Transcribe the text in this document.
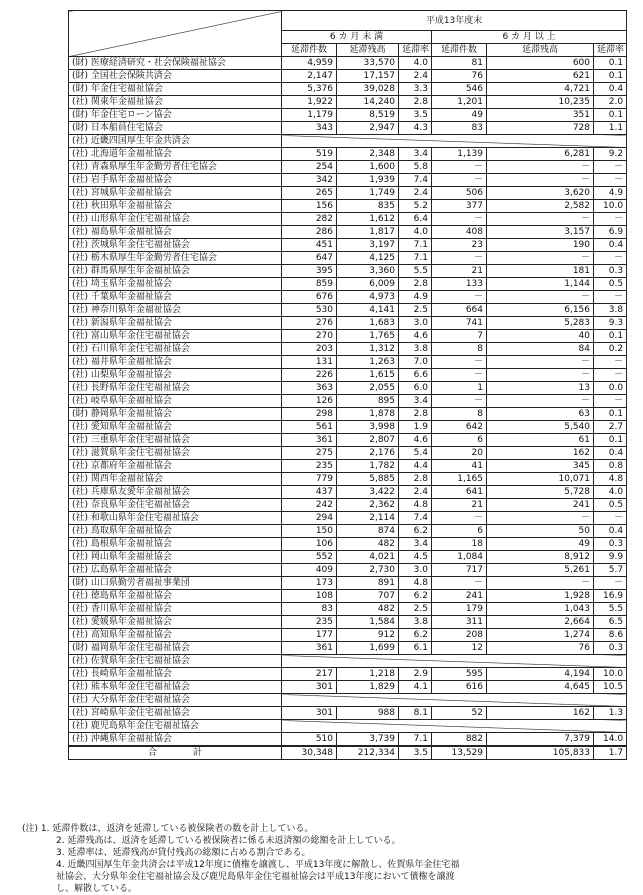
	平成13年度末					
	6 カ 月 未 満			6 カ 月 以 上		
	延滞件数	延滞残高	延滞率	延滞件数	延滞残高	延滞率
(財) 医療経済研究・社会保険福祉協会	4,959	33,570	4.0	81	600	0.1
(財) 全国社会保険共済会	2,147	17,157	2.4	76	621	0.1
(財) 年金住宅福祉協会	5,376	39,028	3.3	546	4,721	0.4
(社) 関東年金福祉協会	1,922	14,240	2.8	1,201	10,235	2.0
(財) 年金住宅ローン協会	1,179	8,519	3.5	49	351	0.1
(財) 日本船員住宅協会	343	2,947	4.3	83	728	1.1
(社) 近畿四国厚生年金共済会						
(社) 北海道年金福祉協会	519	2,348	3.4	1,139	6,281	9.2
(社) 青森県厚生年金勤労者住宅協会	254	1,600	5.8	－	－	－
(社) 岩手県年金福祉協会	342	1,939	7.4	－	－	－
(社) 宮城県年金福祉協会	265	1,749	2.4	506	3,620	4.9
(社) 秋田県年金福祉協会	156	835	5.2	377	2,582	10.0
(社) 山形県年金住宅福祉協会	282	1,612	6.4	－	－	－
(社) 福島県年金福祉協会	286	1,817	4.0	408	3,157	6.9
(社) 茨城県年金住宅福祉協会	451	3,197	7.1	23	190	0.4
(社) 栃木県厚生年金勤労者住宅協会	647	4,125	7.1	－	－	－
(社) 群馬県厚生年金福祉協会	395	3,360	5.5	21	181	0.3
(社) 埼玉県年金福祉協会	859	6,009	2.8	133	1,144	0.5
(社) 千葉県年金福祉協会	676	4,973	4.9	－	－	－
(社) 神奈川県年金福祉協会	530	4,141	2.5	664	6,156	3.8
(社) 新潟県年金福祉協会	276	1,683	3.0	741	5,283	9.3
(社) 富山県年金住宅福祉協会	270	1,765	4.6	7	40	0.1
(社) 石川県年金住宅福祉協会	203	1,312	3.8	8	84	0.2
(社) 福井県年金福祉協会	131	1,263	7.0	－	－	－
(社) 山梨県年金福祉協会	226	1,615	6.6	－	－	－
(社) 長野県年金住宅福祉協会	363	2,055	6.0	1	13	0.0
(社) 岐阜県年金福祉協会	126	895	3.4	－	－	－
(財) 静岡県年金福祉協会	298	1,878	2.8	8	63	0.1
(社) 愛知県年金福祉協会	561	3,998	1.9	642	5,540	2.7
(社) 三重県年金住宅福祉協会	361	2,807	4.6	6	61	0.1
(社) 滋賀県年金住宅福祉協会	275	2,176	5.4	20	162	0.4
(社) 京都府年金福祉協会	235	1,782	4.4	41	345	0.8
(社) 関西年金福祉協会	779	5,885	2.8	1,165	10,071	4.8
(社) 兵庫県友愛年金福祉協会	437	3,422	2.4	641	5,728	4.0
(社) 奈良県年金住宅福祉協会	242	2,362	4.8	21	241	0.5
(社) 和歌山県年金住宅福祉協会	294	2,114	7.4	－	－	－
(社) 鳥取県年金福祉協会	150	874	6.2	6	50	0.4
(社) 島根県年金福祉協会	106	482	3.4	18	49	0.3
(社) 岡山県年金福祉協会	552	4,021	4.5	1,084	8,912	9.9
(社) 広島県年金福祉協会	409	2,730	3.0	717	5,261	5.7
(財) 山口県勤労者福祉事業団	173	891	4.8	－	－	－
(社) 徳島県年金福祉協会	108	707	6.2	241	1,928	16.9
(社) 香川県年金福祉協会	83	482	2.5	179	1,043	5.5
(社) 愛媛県年金福祉協会	235	1,584	3.8	311	2,664	6.5
(社) 高知県年金福祉協会	177	912	6.2	208	1,274	8.6
(財) 福岡県年金住宅福祉協会	361	1,699	6.1	12	76	0.3
(社) 佐賀県年金住宅福祉協会						
(社) 長崎県年金福祉協会	217	1,218	2.9	595	4,194	10.0
(社) 熊本県年金住宅福祉協会	301	1,829	4.1	616	4,645	10.5
(社) 大分県年金住宅福祉協会						
(社) 宮崎県年金住宅福祉協会	301	988	8.1	52	162	1.3
(社) 鹿児島県年金住宅福祉協会						
(社) 沖縄県年金福祉協会	510	3,739	7.1	882	7,379	14.0
合　　　　計	30,348	212,334	3.5	13,529	105,833	1.7
(注) 1. 延滞件数は、返済を延滞している被保険者の数を計上している。
2. 延滞残高は、返済を延滞している被保険者に係る未返済額の総額を計上している。
3. 延滞率は、延滞残高が貸付残高の総額に占める割合である。
4. 近畿四国厚生年金共済会は平成12年度に債権を譲渡し、平成13年度に解散し、佐賀県年金住宅福
祉協会、大分県年金住宅福祉協会及び鹿児島県年金住宅福祉協会は平成13年度において債権を譲渡
し、解散している。
